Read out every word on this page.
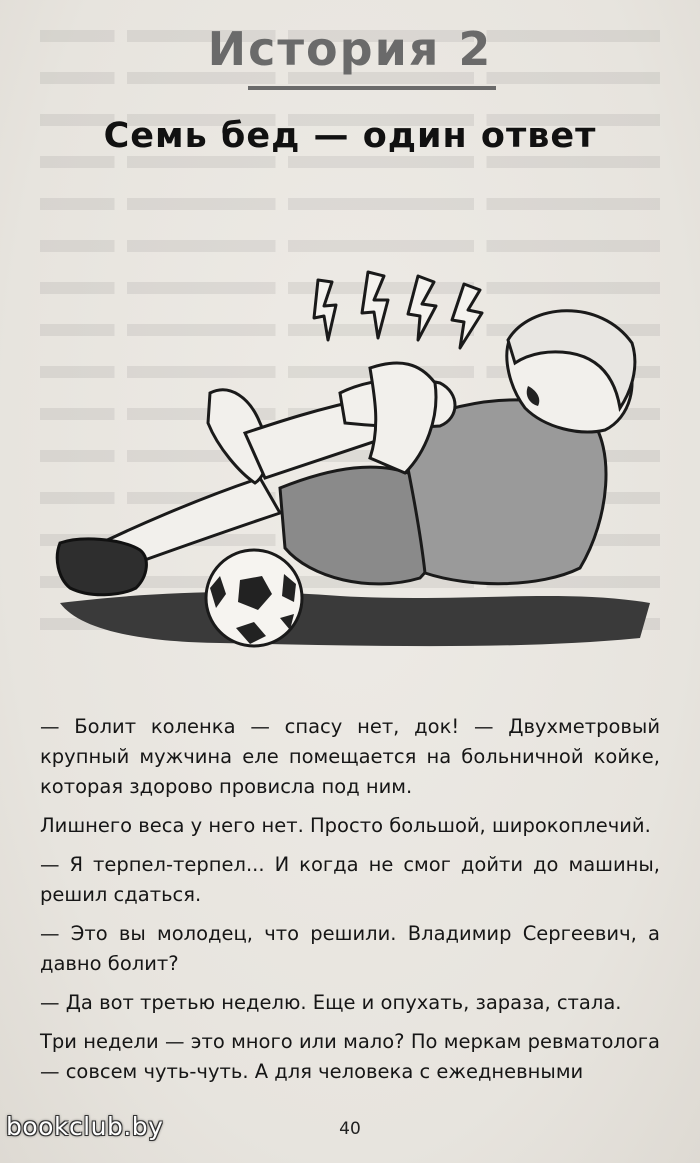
История 2
Семь бед — один ответ

— Болит коленка — спасу нет, док! — Двухметровый крупный мужчина еле помещается на больничной койке, которая здорово провисла под ним.

Лишнего веса у него нет. Просто большой, широкоплечий.

— Я терпел-терпел... И когда не смог дойти до машины, решил сдаться.

— Это вы молодец, что решили. Владимир Сергеевич, а давно болит?

— Да вот третью неделю. Еще и опухать, зараза, стала.

Три недели — это много или мало? По меркам ревматолога — совсем чуть-чуть. А для человека с ежедневными

40
bookclub.by
